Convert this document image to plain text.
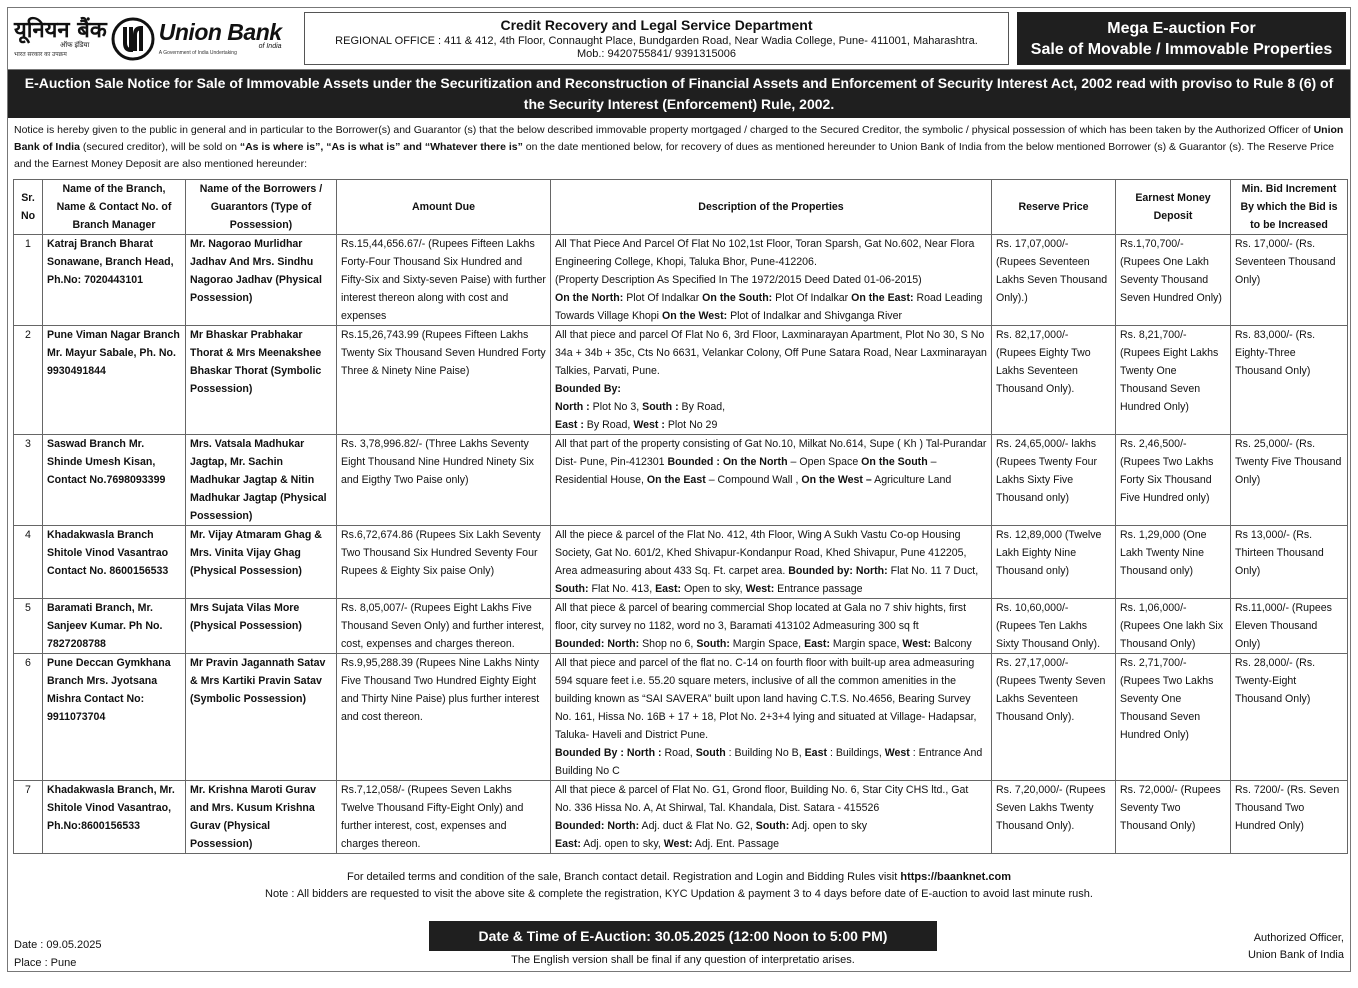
यूनियन बैंक
ऑफ इंडिया
भारत सरकार का उपक्रम
Union Bank
of India
A Government of India Undertaking
Credit Recovery and Legal Service Department
REGIONAL OFFICE : 411 & 412, 4th Floor, Connaught Place, Bundgarden Road, Near Wadia College, Pune- 411001, Maharashtra.
Mob.: 9420755841/ 9391315006
Mega E-auction For
Sale of Movable / Immovable Properties
E-Auction Sale Notice for Sale of Immovable Assets under the Securitization and Reconstruction of Financial Assets and Enforcement of Security Interest Act, 2002 read with proviso to Rule 8 (6) of the Security Interest (Enforcement) Rule, 2002.
Notice is hereby given to the public in general and in particular to the Borrower(s) and Guarantor (s) that the below described immovable property mortgaged / charged to the Secured Creditor, the symbolic / physical possession of which has been taken by the Authorized Officer of Union Bank of India (secured creditor), will be sold on “As is where is”, “As is what is” and “Whatever there is” on the date mentioned below, for recovery of dues as mentioned hereunder to Union Bank of India from the below mentioned Borrower (s) & Guarantor (s). The Reserve Price and the Earnest Money Deposit are also mentioned hereunder:
Sr. No	Name of the Branch, Name & Contact No. of Branch Manager	Name of the Borrowers / Guarantors (Type of Possession)	Amount Due	Description of the Properties	Reserve Price	Earnest Money Deposit	Min. Bid Increment By which the Bid is to be Increased
1	Katraj Branch Bharat Sonawane, Branch Head, Ph.No: 7020443101	Mr. Nagorao Murlidhar Jadhav And Mrs. Sindhu Nagorao Jadhav (Physical Possession)	Rs.15,44,656.67/- (Rupees Fifteen Lakhs Forty-Four Thousand Six Hundred and Fifty-Six and Sixty-seven Paise) with further interest thereon along with cost and expenses	All That Piece And Parcel Of Flat No 102,1st Floor, Toran Sparsh, Gat No.602, Near Flora Engineering College, Khopi, Taluka Bhor, Pune-412206.
(Property Description As Specified In The 1972/2015 Deed Dated 01-06-2015)
On the North: Plot Of Indalkar On the South: Plot Of Indalkar On the East: Road Leading Towards Village Khopi On the West: Plot of Indalkar and Shivganga River	Rs. 17,07,000/- (Rupees Seventeen Lakhs Seven Thousand Only).)	Rs.1,70,700/- (Rupees One Lakh Seventy Thousand Seven Hundred Only)	Rs. 17,000/- (Rs. Seventeen Thousand Only)
2	Pune Viman Nagar Branch Mr. Mayur Sabale, Ph. No. 9930491844	Mr Bhaskar Prabhakar Thorat & Mrs Meenakshee Bhaskar Thorat (Symbolic Possession)	Rs.15,26,743.99 (Rupees Fifteen Lakhs Twenty Six Thousand Seven Hundred Forty Three & Ninety Nine Paise)	All that piece and parcel Of Flat No 6, 3rd Floor, Laxminarayan Apartment, Plot No 30, S No 34a + 34b + 35c, Cts No 6631, Velankar Colony, Off Pune Satara Road, Near Laxminarayan Talkies, Parvati, Pune.
Bounded By:
North : Plot No 3, South : By Road,
East : By Road, West : Plot No 29	Rs. 82,17,000/- (Rupees Eighty Two Lakhs Seventeen Thousand Only).	Rs. 8,21,700/- (Rupees Eight Lakhs Twenty One Thousand Seven Hundred Only)	Rs. 83,000/- (Rs. Eighty-Three Thousand Only)
3	Saswad Branch Mr. Shinde Umesh Kisan, Contact No.7698093399	Mrs. Vatsala Madhukar Jagtap, Mr. Sachin Madhukar Jagtap & Nitin Madhukar Jagtap (Physical Possession)	Rs. 3,78,996.82/- (Three Lakhs Seventy Eight Thousand Nine Hundred Ninety Six and Eigthy Two Paise only)	All that part of the property consisting of Gat No.10, Milkat No.614, Supe ( Kh ) Tal-Purandar Dist- Pune, Pin-412301 Bounded : On the North – Open Space On the South – Residential House, On the East – Compound Wall , On the West – Agriculture Land	Rs. 24,65,000/- lakhs (Rupees Twenty Four Lakhs Sixty Five Thousand only)	Rs. 2,46,500/- (Rupees Two Lakhs Forty Six Thousand Five Hundred only)	Rs. 25,000/- (Rs. Twenty Five Thousand Only)
4	Khadakwasla Branch Shitole Vinod Vasantrao Contact No. 8600156533	Mr. Vijay Atmaram Ghag & Mrs. Vinita Vijay Ghag (Physical Possession)	Rs.6,72,674.86 (Rupees Six Lakh Seventy Two Thousand Six Hundred Seventy Four Rupees & Eighty Six paise Only)	All the piece & parcel of the Flat No. 412, 4th Floor, Wing A Sukh Vastu Co-op Housing Society, Gat No. 601/2, Khed Shivapur-Kondanpur Road, Khed Shivapur, Pune 412205, Area admeasuring about 433 Sq. Ft. carpet area. Bounded by: North: Flat No. 11 7 Duct, South: Flat No. 413, East: Open to sky, West: Entrance passage	Rs. 12,89,000 (Twelve Lakh Eighty Nine Thousand only)	Rs. 1,29,000 (One Lakh Twenty Nine Thousand only)	Rs 13,000/- (Rs. Thirteen Thousand Only)
5	Baramati Branch, Mr. Sanjeev Kumar. Ph No. 7827208788	Mrs Sujata Vilas More (Physical Possession)	Rs. 8,05,007/- (Rupees Eight Lakhs Five Thousand Seven Only) and further interest, cost, expenses and charges thereon.	All that piece & parcel of bearing commercial Shop located at Gala no 7 shiv hights, first floor, city survey no 1182, word no 3, Baramati 413102 Admeasuring 300 sq ft
Bounded: North: Shop no 6, South: Margin Space, East: Margin space, West: Balcony	Rs. 10,60,000/- (Rupees Ten Lakhs Sixty Thousand Only).	Rs. 1,06,000/- (Rupees One lakh Six Thousand Only)	Rs.11,000/- (Rupees Eleven Thousand Only)
6	Pune Deccan Gymkhana Branch Mrs. Jyotsana Mishra Contact No: 9911073704	Mr Pravin Jagannath Satav & Mrs Kartiki Pravin Satav (Symbolic Possession)	Rs.9,95,288.39 (Rupees Nine Lakhs Ninty Five Thousand Two Hundred Eighty Eight and Thirty Nine Paise) plus further interest and cost thereon.	All that piece and parcel of the flat no. C-14 on fourth floor with built-up area admeasuring 594 square feet i.e. 55.20 square meters, inclusive of all the common amenities in the building known as “SAI SAVERA” built upon land having C.T.S. No.4656, Bearing Survey No. 161, Hissa No. 16B + 17 + 18, Plot No. 2+3+4 lying and situated at Village- Hadapsar, Taluka- Haveli and District Pune.
Bounded By : North : Road, South : Building No B, East : Buildings, West : Entrance And Building No C	Rs. 27,17,000/- (Rupees Twenty Seven Lakhs Seventeen Thousand Only).	Rs. 2,71,700/- (Rupees Two Lakhs Seventy One Thousand Seven Hundred Only)	Rs. 28,000/- (Rs. Twenty-Eight Thousand Only)
7	Khadakwasla Branch, Mr. Shitole Vinod Vasantrao, Ph.No:8600156533	Mr. Krishna Maroti Gurav and Mrs. Kusum Krishna Gurav (Physical Possession)	Rs.7,12,058/- (Rupees Seven Lakhs Twelve Thousand Fifty-Eight Only) and further interest, cost, expenses and charges thereon.	All that piece & parcel of Flat No. G1, Grond floor, Building No. 6, Star City CHS ltd., Gat No. 336 Hissa No. A, At Shirwal, Tal. Khandala, Dist. Satara - 415526
Bounded: North: Adj. duct & Flat No. G2, South: Adj. open to sky
East: Adj. open to sky, West: Adj. Ent. Passage	Rs. 7,20,000/- (Rupees Seven Lakhs Twenty Thousand Only).	Rs. 72,000/- (Rupees Seventy Two Thousand Only)	Rs. 7200/- (Rs. Seven Thousand Two Hundred Only)
For detailed terms and condition of the sale, Branch contact detail. Registration and Login and Bidding Rules visit https://baanknet.com
Note : All bidders are requested to visit the above site & complete the registration, KYC Updation & payment 3 to 4 days before date of E-auction to avoid last minute rush.
Date : 09.05.2025
Place : Pune
Date & Time of E-Auction: 30.05.2025 (12:00 Noon to 5:00 PM)
The English version shall be final if any question of interpretatio arises.
Authorized Officer,
Union Bank of India
